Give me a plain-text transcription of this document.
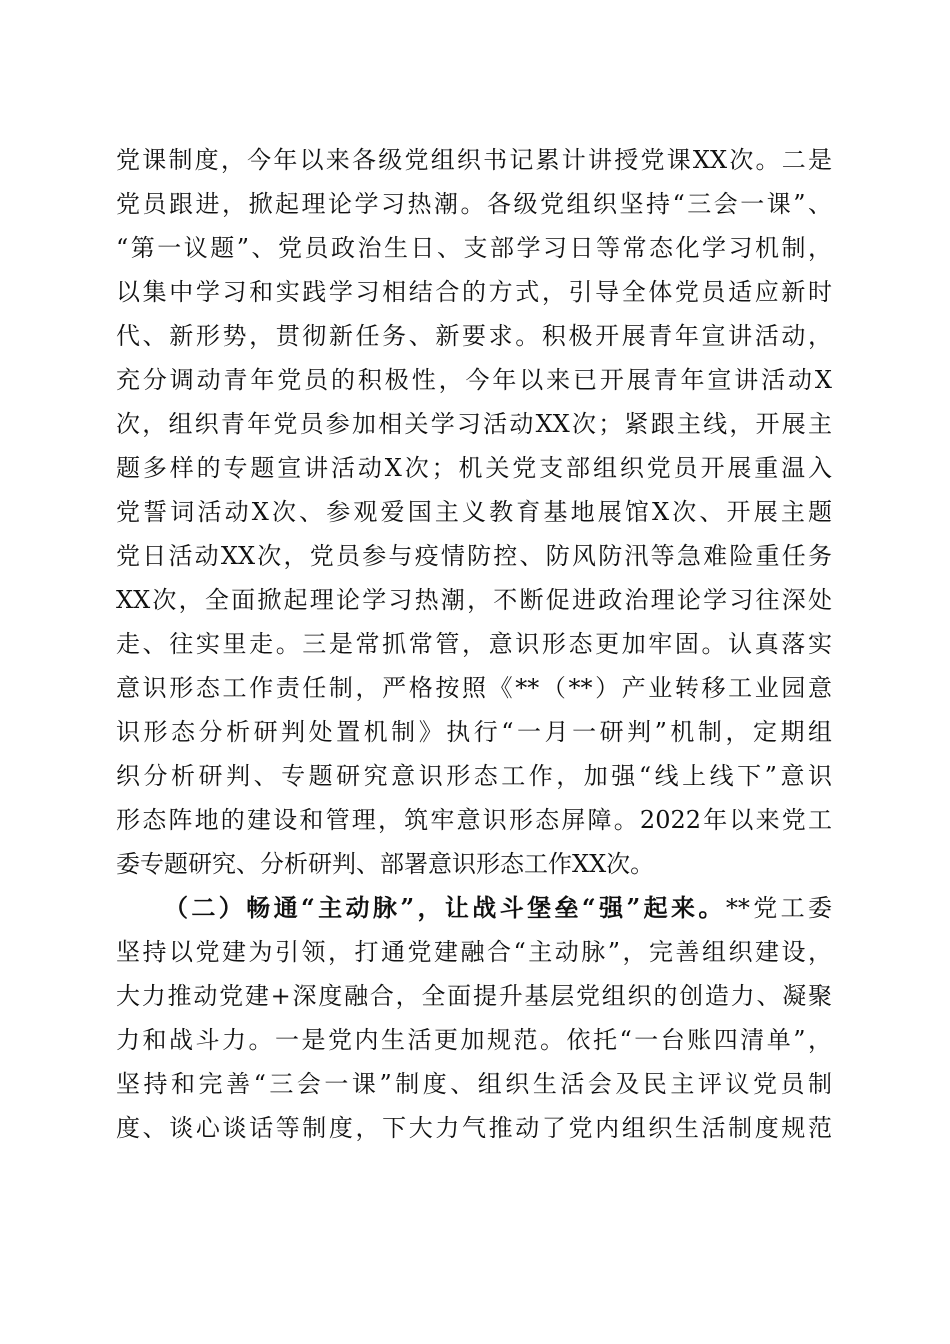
党课制度，今年以来各级党组织书记累计讲授党课XX次。二是
党员跟进，掀起理论学习热潮。各级党组织坚持“三会一课”、
“第一议题”、党员政治生日、支部学习日等常态化学习机制，
以集中学习和实践学习相结合的方式，引导全体党员适应新时
代、新形势，贯彻新任务、新要求。积极开展青年宣讲活动，
充分调动青年党员的积极性，今年以来已开展青年宣讲活动X
次，组织青年党员参加相关学习活动XX次；紧跟主线，开展主
题多样的专题宣讲活动X次；机关党支部组织党员开展重温入
党誓词活动X次、参观爱国主义教育基地展馆X次、开展主题
党日活动XX次，党员参与疫情防控、防风防汛等急难险重任务
XX次，全面掀起理论学习热潮，不断促进政治理论学习往深处
走、往实里走。三是常抓常管，意识形态更加牢固。认真落实
意识形态工作责任制，严格按照《**（**）产业转移工业园意
识形态分析研判处置机制》执行“一月一研判”机制，定期组
织分析研判、专题研究意识形态工作，加强“线上线下”意识
形态阵地的建设和管理，筑牢意识形态屏障。2022年以来党工
委专题研究、分析研判、部署意识形态工作XX次。
（二）畅通“主动脉”，让战斗堡垒“强”起来。**党工委
坚持以党建为引领，打通党建融合“主动脉”，完善组织建设，
大力推动党建+深度融合，全面提升基层党组织的创造力、凝聚
力和战斗力。一是党内生活更加规范。依托“一台账四清单”，
坚持和完善“三会一课”制度、组织生活会及民主评议党员制
度、谈心谈话等制度，下大力气推动了党内组织生活制度规范
